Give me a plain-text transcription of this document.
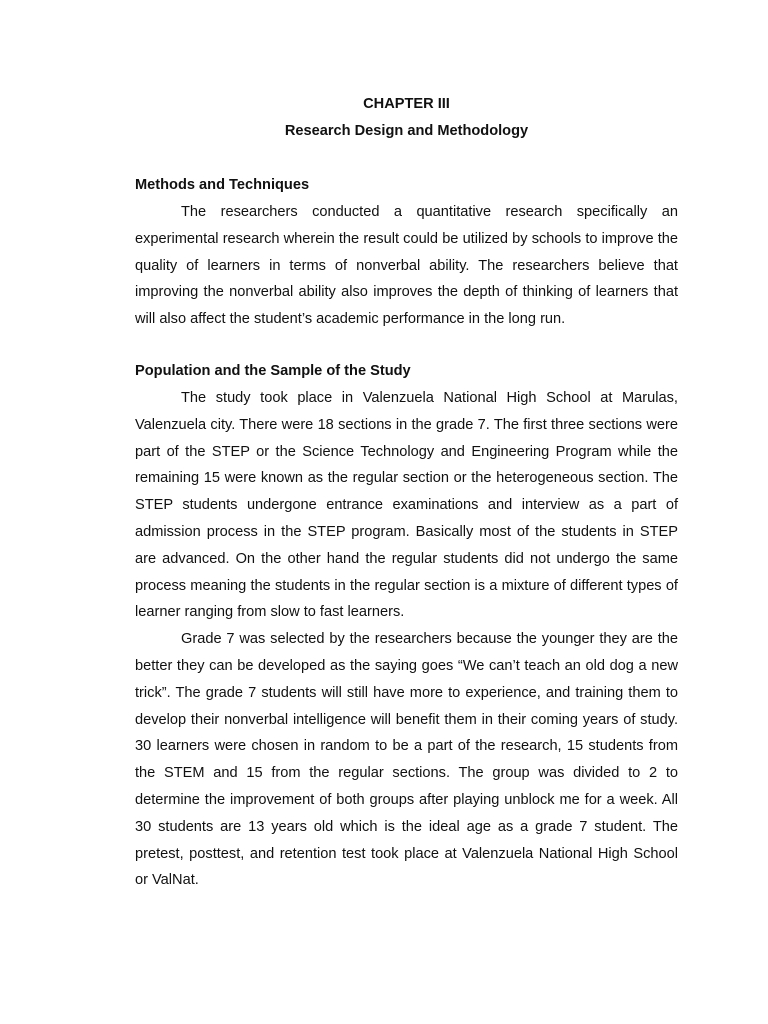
CHAPTER III

Research Design and Methodology

Methods and Techniques

The researchers conducted a quantitative research specifically an experimental research wherein the result could be utilized by schools to improve the quality of learners in terms of nonverbal ability. The researchers believe that improving the nonverbal ability also improves the depth of thinking of learners that will also affect the student’s academic performance in the long run.

Population and the Sample of the Study

The study took place in Valenzuela National High School at Marulas, Valenzuela city. There were 18 sections in the grade 7. The first three sections were part of the STEP or the Science Technology and Engineering Program while the remaining 15 were known as the regular section or the heterogeneous section. The STEP students undergone entrance examinations and interview as a part of admission process in the STEP program. Basically most of the students in STEP are advanced. On the other hand the regular students did not undergo the same process meaning the students in the regular section is a mixture of different types of learner ranging from slow to fast learners.

Grade 7 was selected by the researchers because the younger they are the better they can be developed as the saying goes “We can’t teach an old dog a new trick”. The grade 7 students will still have more to experience, and training them to develop their nonverbal intelligence will benefit them in their coming years of study. 30 learners were chosen in random to be a part of the research, 15 students from the STEM and 15 from the regular sections. The group was divided to 2 to determine the improvement of both groups after playing unblock me for a week. All 30 students are 13 years old which is the ideal age as a grade 7 student. The pretest, posttest, and retention test took place at Valenzuela National High School or ValNat.
